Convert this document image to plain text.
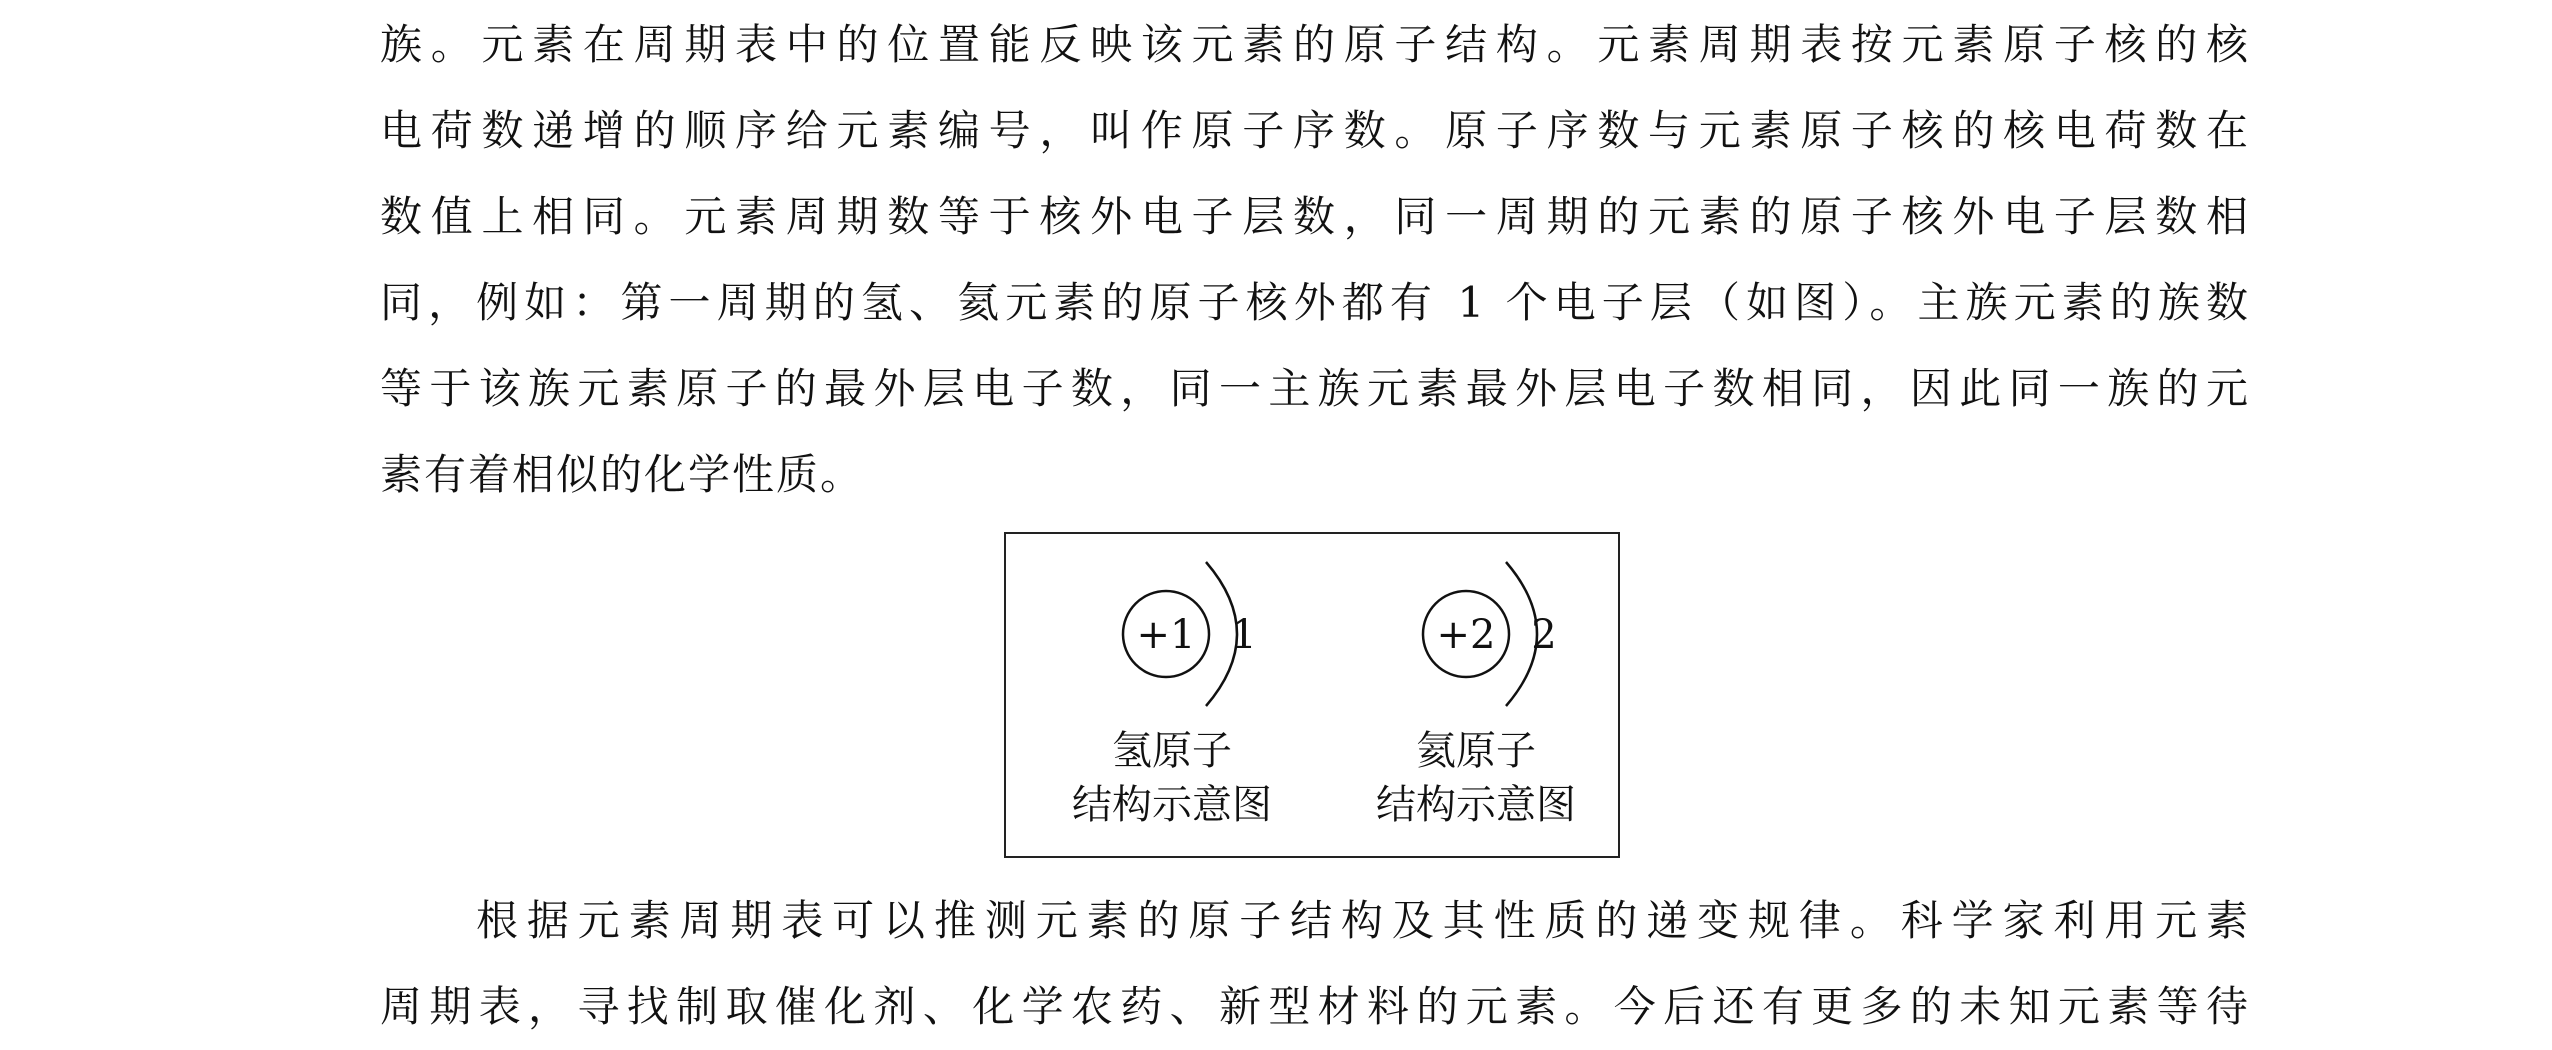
族。元素在周期表中的位置能反映该元素的原子结构。元素周期表按元素原子核的核
电荷数递增的顺序给元素编号，叫作原子序数。原子序数与元素原子核的核电荷数在
数值上相同。元素周期数等于核外电子层数，同一周期的元素的原子核外电子层数相
同，例如：第一周期的氢、氦元素的原子核外都有 1 个电子层（如图）。主族元素的族数
等于该族元素原子的最外层电子数，同一主族元素最外层电子数相同，因此同一族的元
素有着相似的化学性质。
+1 1	+2 2
氢原子
结构示意图
氦原子
结构示意图
根据元素周期表可以推测元素的原子结构及其性质的递变规律。科学家利用元素
周期表，寻找制取催化剂、化学农药、新型材料的元素。今后还有更多的未知元素等待
